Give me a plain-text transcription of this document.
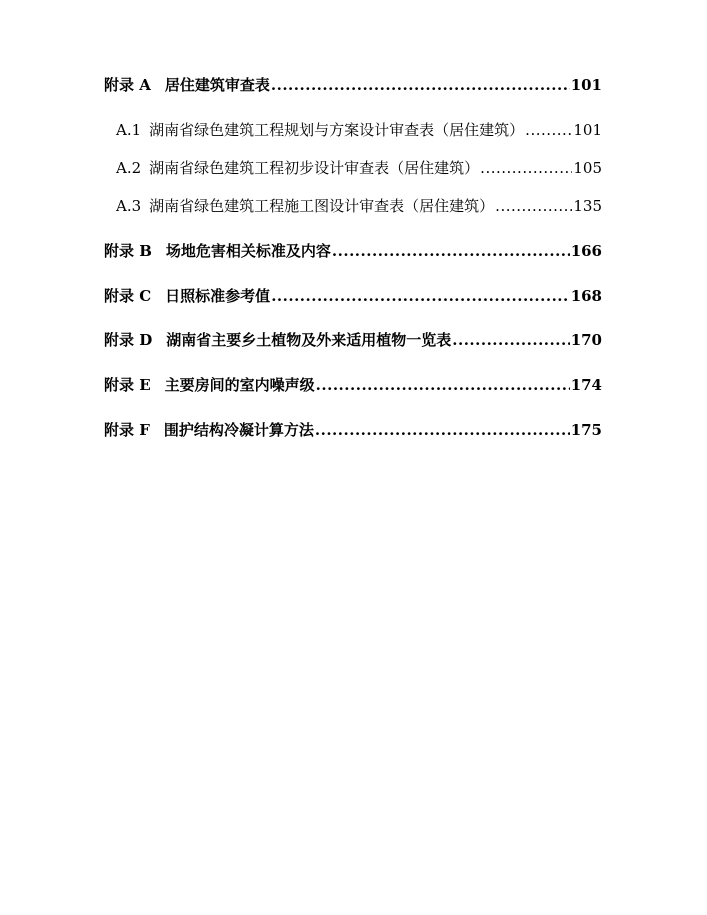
附录 A 居住建筑审查表 .....	101
A.1 湖南省绿色建筑工程规划与方案设计审查表（居住建筑） .....	101
A.2 湖南省绿色建筑工程初步设计审查表（居住建筑） .....	105
A.3 湖南省绿色建筑工程施工图设计审查表（居住建筑） .....	135
附录 B 场地危害相关标准及内容 .....	166
附录 C 日照标准参考值 .....	168
附录 D 湖南省主要乡土植物及外来适用植物一览表 .....	170
附录 E 主要房间的室内噪声级 .....	174
附录 F 围护结构冷凝计算方法 .....	175
